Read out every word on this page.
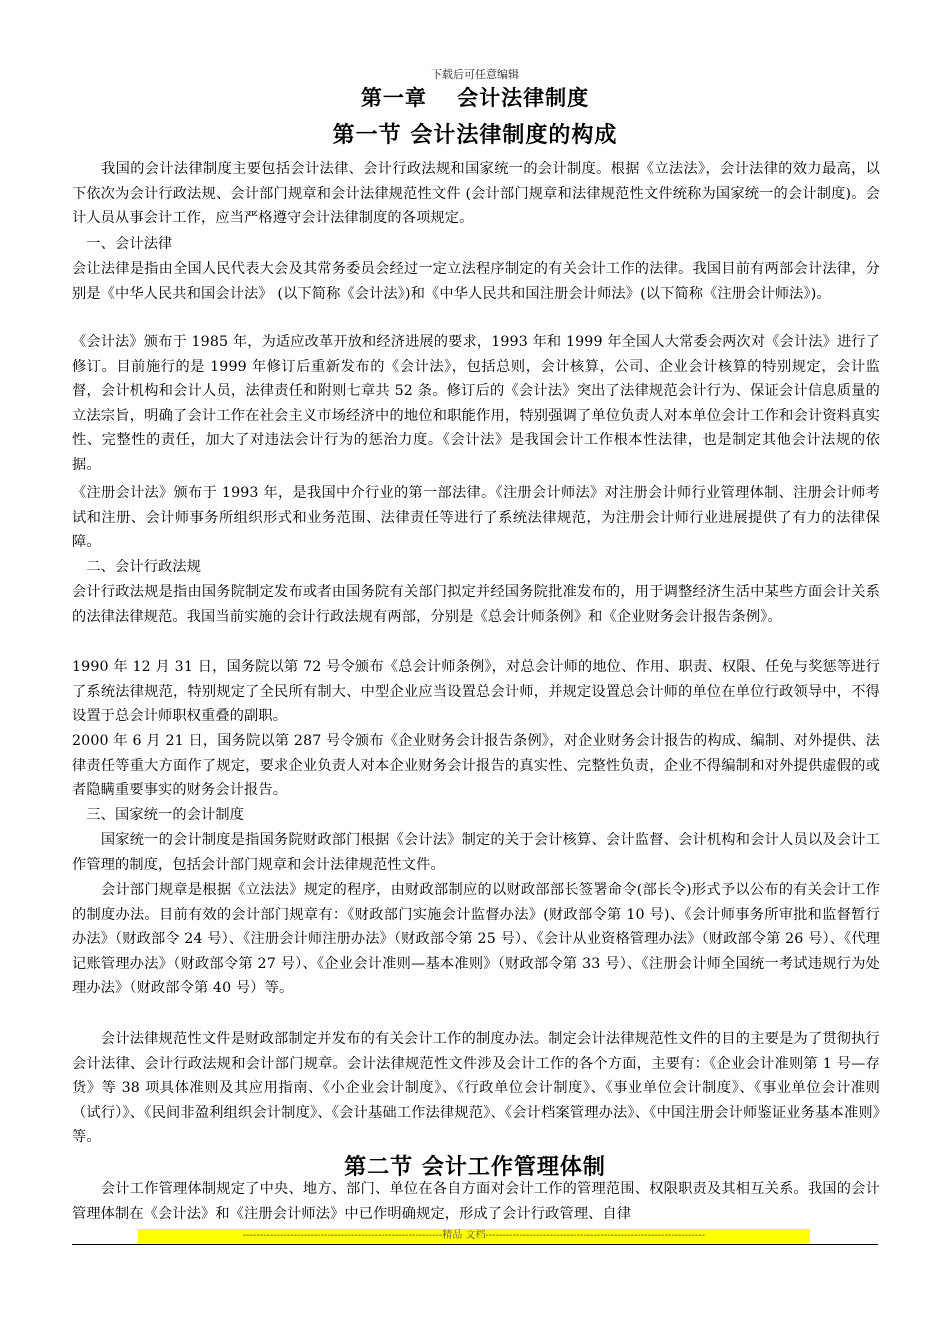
下载后可任意编辑
第一章　 会计法律制度
第一节 会计法律制度的构成
　　我国的会计法律制度主要包括会计法律、会计行政法规和国家统一的会计制度。根据《立法法》，会计法律的效力最高，以下依次为会计行政法规、会计部门规章和会计法律规范性文件 (会计部门规章和法律规范性文件统称为国家统一的会计制度)。会计人员从事会计工作，应当严格遵守会计法律制度的各项规定。
　一、会计法律
会让法律是指由全国人民代表大会及其常务委员会经过一定立法程序制定的有关会计工作的法律。我国目前有两部会计法律，分别是《中华人民共和国会计法》 (以下简称《会计法》)和《中华人民共和国注册会计师法》(以下简称《注册会计师法》)。
《会计法》颁布于 1985 年，为适应改革开放和经济进展的要求，1993 年和 1999 年全国人大常委会两次对《会计法》进行了修订。目前施行的是 1999 年修订后重新发布的《会计法》，包括总则，会计核算，公司、企业会计核算的特别规定，会计监督，会计机构和会计人员，法律责任和附则七章共 52 条。修订后的《会计法》突出了法律规范会计行为、保证会计信息质量的立法宗旨，明确了会计工作在社会主义市场经济中的地位和职能作用，特别强调了单位负责人对本单位会计工作和会计资料真实性、完整性的责任，加大了对违法会计行为的惩治力度。《会计法》是我国会计工作根本性法律，也是制定其他会计法规的依据。
《注册会计法》颁布于 1993 年，是我国中介行业的第一部法律。《注册会计师法》对注册会计师行业管理体制、注册会计师考试和注册、会计师事务所组织形式和业务范围、法律责任等进行了系统法律规范，为注册会计师行业进展提供了有力的法律保障。
　二、会计行政法规
会计行政法规是指由国务院制定发布或者由国务院有关部门拟定并经国务院批准发布的，用于调整经济生活中某些方面会计关系的法律法律规范。我国当前实施的会计行政法规有两部，分别是《总会计师条例》和《企业财务会计报告条例》。
1990 年 12 月 31 日，国务院以第 72 号令颁布《总会计师条例》，对总会计师的地位、作用、职责、权限、任免与奖惩等进行了系统法律规范，特别规定了全民所有制大、中型企业应当设置总会计师，并规定设置总会计师的单位在单位行政领导中，不得设置于总会计师职权重叠的副职。
2000 年 6 月 21 日，国务院以第 287 号令颁布《企业财务会计报告条例》，对企业财务会计报告的构成、编制、对外提供、法律责任等重大方面作了规定，要求企业负责人对本企业财务会计报告的真实性、完整性负责，企业不得编制和对外提供虚假的或者隐瞒重要事实的财务会计报告。
　三、国家统一的会计制度
　　国家统一的会计制度是指国务院财政部门根据《会计法》制定的关于会计核算、会计监督、会计机构和会计人员以及会计工作管理的制度，包括会计部门规章和会计法律规范性文件。
　　会计部门规章是根据《立法法》规定的程序，由财政部制应的以财政部部长签署命令(部长令)形式予以公布的有关会计工作的制度办法。目前有效的会计部门规章有：《财政部门实施会计监督办法》(财政部令第 10 号)、《会计师事务所审批和监督暂行办法》（财政部令 24 号）、《注册会计师注册办法》（财政部令第 25 号）、《会计从业资格管理办法》（财政部令第 26 号）、《代理记账管理办法》（财政部令第 27 号）、《企业会计准则—基本准则》（财政部令第 33 号）、《注册会计师全国统一考试违规行为处理办法》（财政部令第 40 号）等。
　　会计法律规范性文件是财政部制定并发布的有关会计工作的制度办法。制定会计法律规范性文件的目的主要是为了贯彻执行会计法律、会计行政法规和会计部门规章。会计法律规范性文件涉及会计工作的各个方面，主要有：《企业会计准则第 1 号—存货》等 38 项具体准则及其应用指南、《小企业会计制度》、《行政单位会计制度》、《事业单位会计制度》、《事业单位会计准则（试行）》、《民间非盈利组织会计制度》、《会计基础工作法律规范》、《会计档案管理办法》、《中国注册会计师鉴证业务基本准则》等。
第二节 会计工作管理体制
　　会计工作管理体制规定了中央、地方、部门、单位在各自方面对会计工作的管理范围、权限职责及其相互关系。我国的会计管理体制在《会计法》和《注册会计师法》中已作明确规定，形成了会计行政管理、自律
-----------------------------------------------------------精品 文档-----------------------------------------------------------------
